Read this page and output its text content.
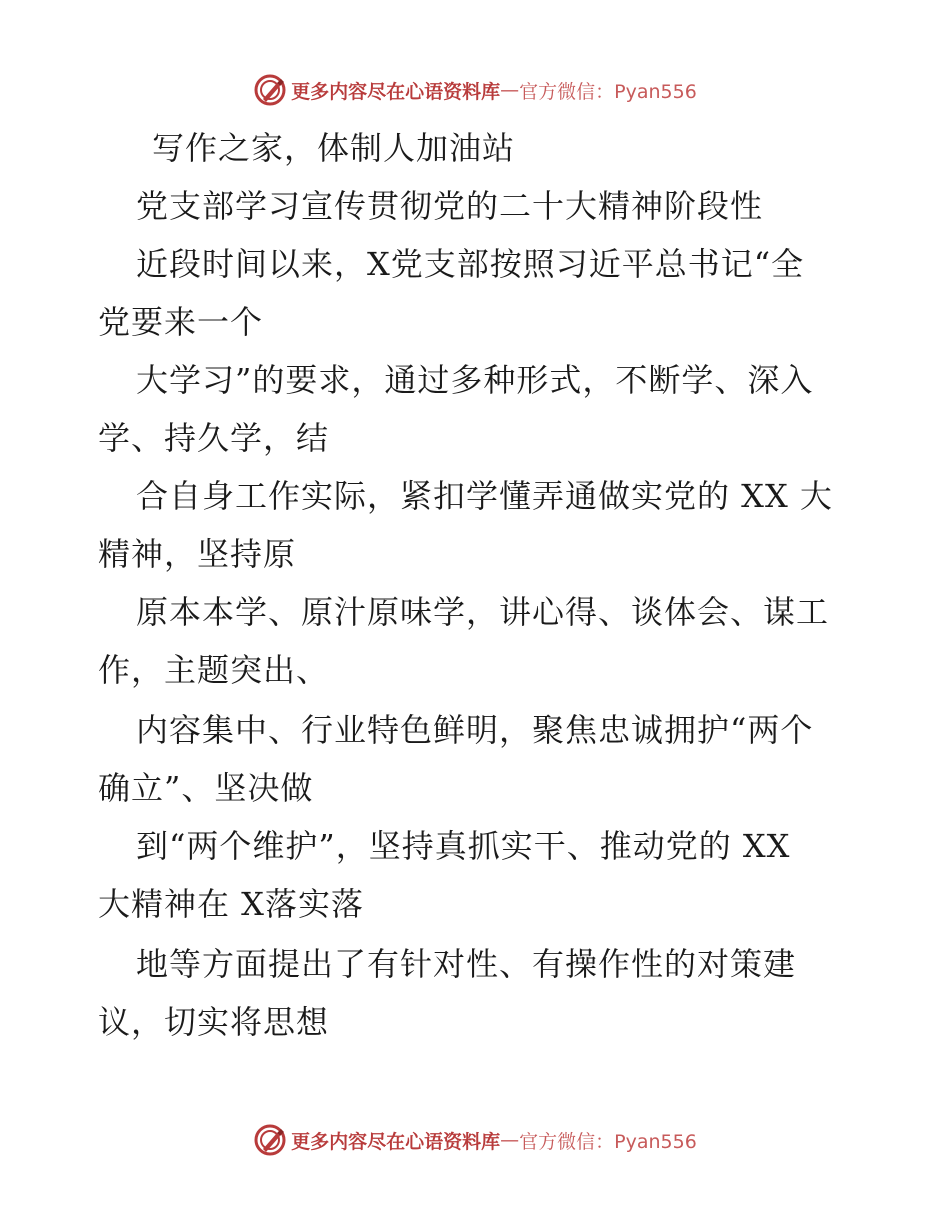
更多内容尽在心语资料库 — 官方微信：Pyan556
写作之家，体制人加油站
党支部学习宣传贯彻党的二十大精神阶段性
近段时间以来，X党支部按照习近平总书记“全
党要来一个
大学习”的要求，通过多种形式，不断学、深入
学、持久学，结
合自身工作实际，紧扣学懂弄通做实党的 XX 大
精神，坚持原
原本本学、原汁原味学，讲心得、谈体会、谋工
作，主题突出、
内容集中、行业特色鲜明，聚焦忠诚拥护“两个
确立”、坚决做
到“两个维护”，坚持真抓实干、推动党的 XX
大精神在 X落实落
地等方面提出了有针对性、有操作性的对策建
议，切实将思想
更多内容尽在心语资料库 — 官方微信：Pyan556
